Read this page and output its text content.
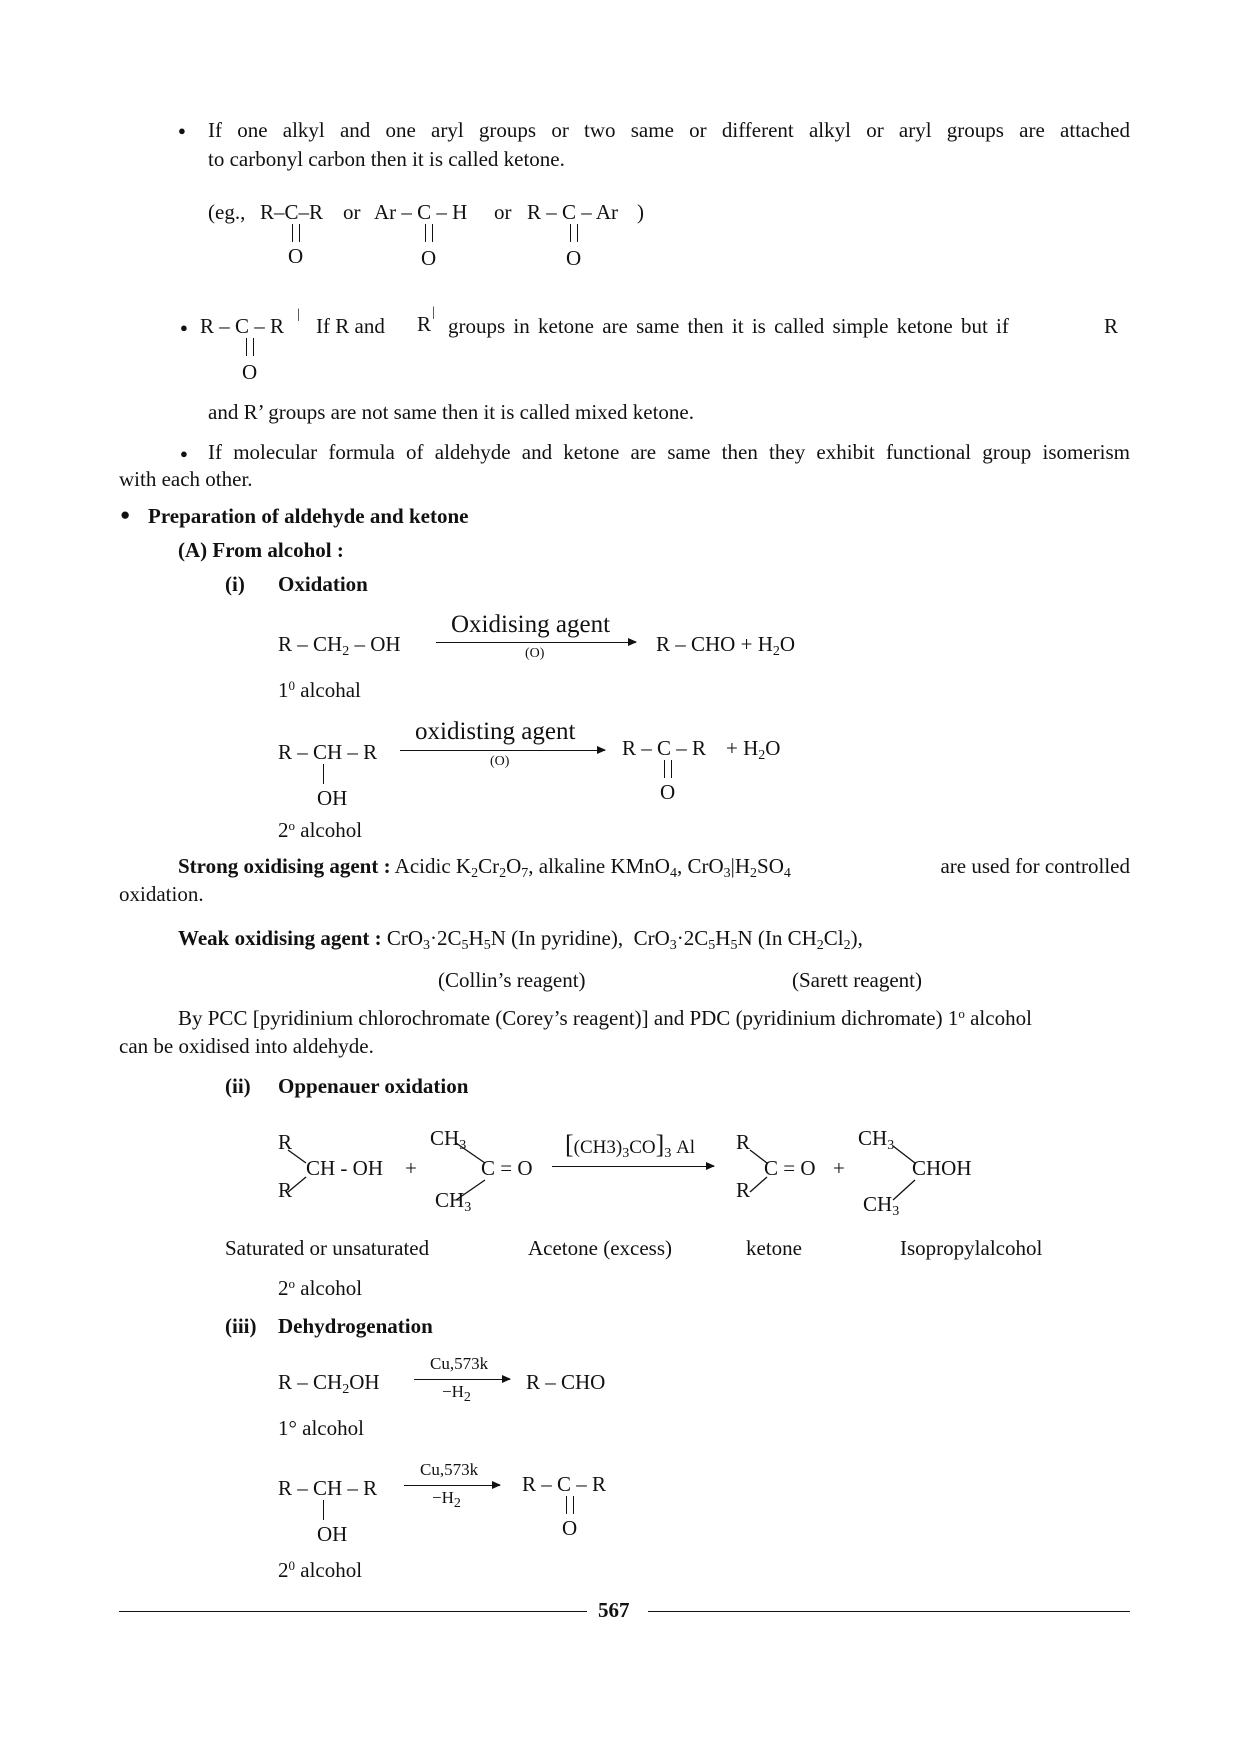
● If one alkyl and one aryl groups or two same or different alkyl or aryl groups are attached
to carbonyl carbon then it is called ketone.
(eg., R–C–R
O
or Ar – C – H
O
or R – C – Ar
O
)
● R – C – R |
O
If R and R |
groups in ketone are same then it is called simple ketone but if	R
and R’ groups are not same then it is called mixed ketone.
If molecular formula of aldehyde and ketone are same then they exhibit functional group isomerism
●
with each other.
● Preparation of aldehyde and ketone
(A) From alcohol :
(i) Oxidation
R – $CH_2$ – OH
Oxidising agent
(O)	R – CHO + $H_2O$
$1^0$ alcohal
R – CH – R
OH
oxidisting agent
(O)
R – C – R
O
+ $H_2O$
2$^o$ alcohol
Strong oxidising agent : Acidic $K_2Cr_2O_7$, alkaline KMnO$_4$, $CrO_3|H_2SO_4$	are used for controlled
oxidation.
Weak oxidising agent : $CrO_3\cdot 2C_5H_5N$ (In pyridine), $CrO_3\cdot 2C_5H_5N$ (In $CH_2Cl_2$),
(Collin’s reagent)	(Sarett reagent)
By PCC [pyridinium chlorochromate (Corey’s reagent)] and PDC (pyridinium dichromate) 1$^o$ alcohol
can be oxidised into aldehyde.
(ii) Oppenauer oxidation
R
R
CH - OH +
$CH_3$
$CH_3$
C = O
$[(CH3)_3CO]_3$ Al R
R
C = O +
$CH_3$
$CH_3$
CHOH
Saturated or unsaturated	Acetone (excess)	ketone	Isopropylalcohol
2$^o$ alcohol
(iii) Dehydrogenation
R – $CH_2OH$
Cu,573k
$-H_2$
R – CHO
1° alcohol
R – CH – R
OH
Cu,573k
$-H_2$
R – C – R
O
$2^0$ alcohol
567
